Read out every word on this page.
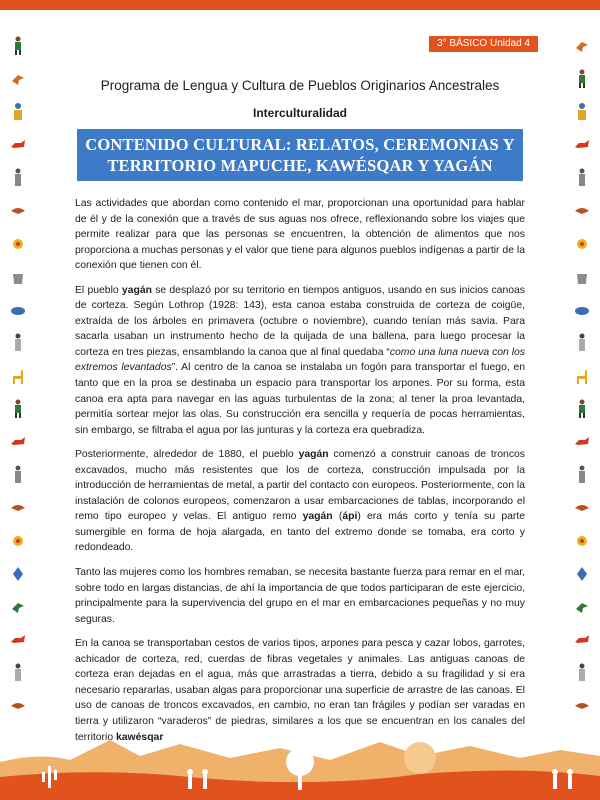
3° BÁSICO Unidad 4
Programa de Lengua y Cultura de Pueblos Originarios Ancestrales
Interculturalidad
CONTENIDO CULTURAL: RELATOS, CEREMONIAS Y
TERRITORIO MAPUCHE, KAWÉSQAR Y YAGÁN

Las actividades que abordan como contenido el mar, proporcionan una oportunidad para hablar de él y de la conexión que a través de sus aguas nos ofrece, reflexionando sobre los viajes que permite realizar para que las personas se encuentren, la obtención de alimentos que nos proporciona a muchas personas y el valor que tiene para algunos pueblos indígenas a partir de la conexión que tienen con él.

El pueblo yagán se desplazó por su territorio en tiempos antiguos, usando en sus inicios canoas de corteza. Según Lothrop (1928: 143), esta canoa estaba construida de corteza de coigüe, extraída de los árboles en primavera (octubre o noviembre), cuando tenían más savia. Para sacarla usaban un instrumento hecho de la quijada de una ballena, para luego procesar la corteza en tres piezas, ensamblando la canoa que al final quedaba “como una luna nueva con los extremos levantados”. Al centro de la canoa se instalaba un fogón para transportar el fuego, en tanto que en la proa se destinaba un espacio para transportar los arpones. Por su forma, esta canoa era apta para navegar en las aguas turbulentas de la zona; al tener la proa levantada, permitía sortear mejor las olas. Su construcción era sencilla y requería de pocas herramientas, sin embargo, se filtraba el agua por las junturas y la corteza era quebradiza.

Posteriormente, alrededor de 1880, el pueblo yagán comenzó a construir canoas de troncos excavados, mucho más resistentes que los de corteza, construcción impulsada por la introducción de herramientas de metal, a partir del contacto con europeos. Posteriormente, con la instalación de colonos europeos, comenzaron a usar embarcaciones de tablas, incorporando el remo tipo europeo y velas. El antiguo remo yagán (ápi) era más corto y tenía su parte sumergible en forma de hoja alargada, en tanto del extremo donde se tomaba, era corto y redondeado.

Tanto las mujeres como los hombres remaban, se necesita bastante fuerza para remar en el mar, sobre todo en largas distancias, de ahí la importancia de que todos participaran de este ejercicio, principalmente para la supervivencia del grupo en el mar en embarcaciones pequeñas y no muy seguras.

En la canoa se transportaban cestos de varios tipos, arpones para pesca y cazar lobos, garrotes, achicador de corteza, red, cuerdas de fibras vegetales y animales. Las antiguas canoas de corteza eran dejadas en el agua, más que arrastradas a tierra, debido a su fragilidad y si era necesario repararlas, usaban algas para proporcionar una superficie de arrastre de las canoas. El uso de canoas de troncos excavados, en cambio, no eran tan frágiles y podían ser varadas en tierra y utilizaron “varaderos” de piedras, similares a los que se encuentran en los canales del territorio kawésqar
